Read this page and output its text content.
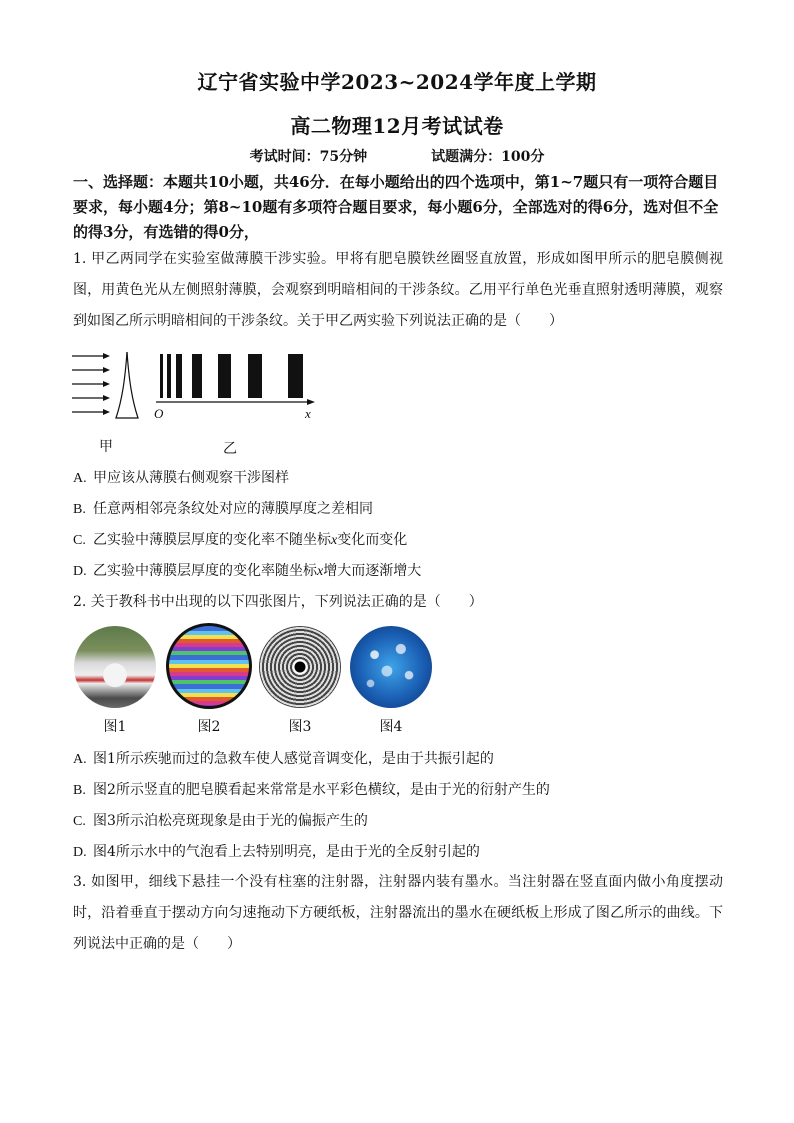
辽宁省实验中学2023~2024学年度上学期
高二物理12月考试试卷
考试时间：75分钟	试题满分：100分
一、选择题：本题共10小题，共46分．在每小题给出的四个选项中，第1~7题只有一项符合题目要求，每小题4分；第8~10题有多项符合题目要求，每小题6分，全部选对的得6分，选对但不全的得3分，有选错的得0分，
1. 甲乙两同学在实验室做薄膜干涉实验。甲将有肥皂膜铁丝圈竖直放置，形成如图甲所示的肥皂膜侧视图，用黄色光从左侧照射薄膜，会观察到明暗相间的干涉条纹。乙用平行单色光垂直照射透明薄膜，观察到如图乙所示明暗相间的干涉条纹。关于甲乙两实验下列说法正确的是（　　）
O	x
甲	乙
A. 甲应该从薄膜右侧观察干涉图样
B. 任意两相邻亮条纹处对应的薄膜厚度之差相同
C. 乙实验中薄膜层厚度的变化率不随坐标x变化而变化
D. 乙实验中薄膜层厚度的变化率随坐标x增大而逐渐增大
2. 关于教科书中出现的以下四张图片，下列说法正确的是（　　）
图1	图2	图3	图4
A. 图1所示疾驰而过的急救车使人感觉音调变化，是由于共振引起的
B. 图2所示竖直的肥皂膜看起来常常是水平彩色横纹，是由于光的衍射产生的
C. 图3所示泊松亮斑现象是由于光的偏振产生的
D. 图4所示水中的气泡看上去特别明亮，是由于光的全反射引起的
3. 如图甲，细线下悬挂一个没有柱塞的注射器，注射器内装有墨水。当注射器在竖直面内做小角度摆动时，沿着垂直于摆动方向匀速拖动下方硬纸板，注射器流出的墨水在硬纸板上形成了图乙所示的曲线。下列说法中正确的是（　　）
